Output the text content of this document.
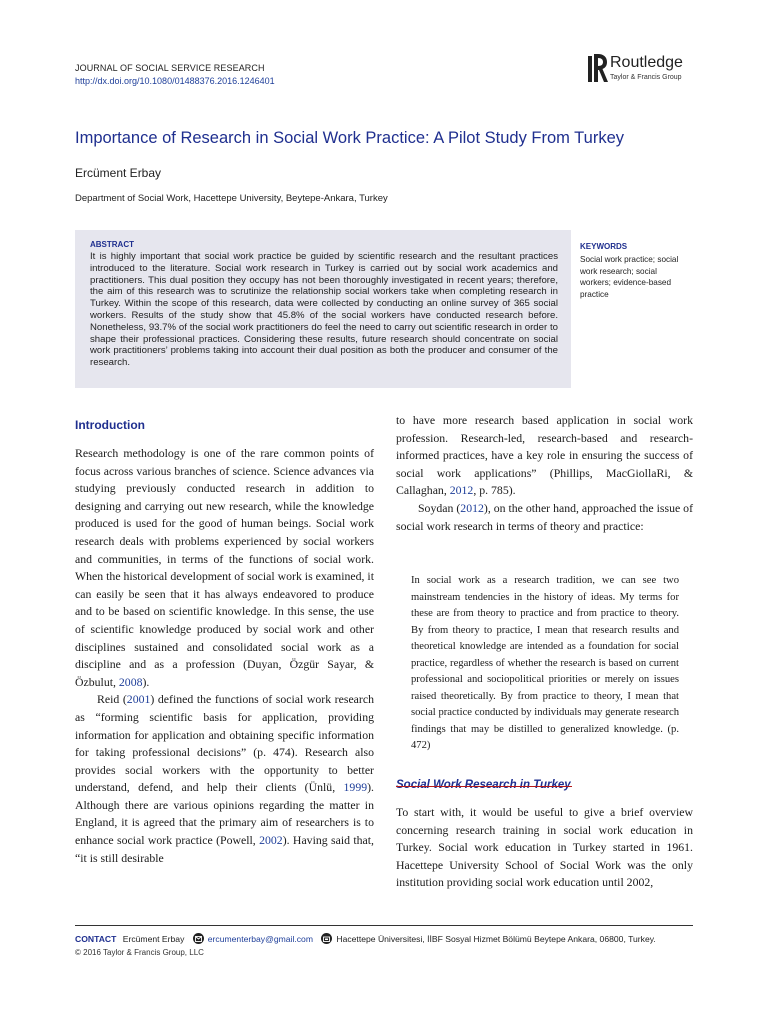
JOURNAL OF SOCIAL SERVICE RESEARCH
http://dx.doi.org/10.1080/01488376.2016.1246401
Routledge
Taylor & Francis Group
Importance of Research in Social Work Practice: A Pilot Study From Turkey
Ercüment Erbay
Department of Social Work, Hacettepe University, Beytepe-Ankara, Turkey
ABSTRACT
It is highly important that social work practice be guided by scientific research and the resultant practices introduced to the literature. Social work research in Turkey is carried out by social work academics and practitioners. This dual position they occupy has not been thoroughly investigated in recent years; therefore, the aim of this research was to scrutinize the relationship social workers take when completing research in Turkey. Within the scope of this research, data were collected by conducting an online survey of 365 social workers. Results of the study show that 45.8% of the social workers have conducted research before. Nonetheless, 93.7% of the social work practitioners do feel the need to carry out scientific research in order to shape their professional practices. Considering these results, future research should concentrate on social work practitioners’ problems taking into account their dual position as both the producer and consumer of the research.
KEYWORDS
Social work practice; social work research; social workers; evidence-based practice
Introduction

Research methodology is one of the rare common points of focus across various branches of science. Science advances via studying previously conducted research in addition to designing and carrying out new research, while the knowledge produced is used for the good of human beings. Social work research deals with problems experienced by social workers and communities, in terms of the functions of social work. When the historical development of social work is examined, it can easily be seen that it has always endeavored to produce and to be based on scientific knowledge. In this sense, the use of scientific knowledge produced by social work and other disciplines sustained and consolidated social work as a discipline and as a profession (Duyan, Özgür Sayar, & Özbulut, 2008).

Reid (2001) defined the functions of social work research as “forming scientific basis for application, providing information for application and obtaining specific information for taking professional decisions” (p. 474). Research also provides social workers with the opportunity to better understand, defend, and help their clients (Ünlü, 1999). Although there are various opinions regarding the matter in England, it is agreed that the primary aim of researchers is to enhance social work practice (Powell, 2002). Having said that, “it is still desirable

to have more research based application in social work profession. Research-led, research-based and research-informed practices, have a key role in ensuring the success of social work applications” (Phillips, MacGiollaRi, & Callaghan, 2012, p. 785).

Soydan (2012), on the other hand, approached the issue of social work research in terms of theory and practice:

In social work as a research tradition, we can see two mainstream tendencies in the history of ideas. My terms for these are from theory to practice and from practice to theory. By from theory to practice, I mean that research results and theoretical knowledge are intended as a foundation for social practice, regardless of whether the research is based on current professional and sociopolitical priorities or merely on issues raised theoretically. By from practice to theory, I mean that social practice conducted by individuals may generate research findings that may be distilled to generalized knowledge. (p. 472)
Social Work Research in Turkey

To start with, it would be useful to give a brief overview concerning research training in social work education in Turkey. Social work education in Turkey started in 1961. Hacettepe University School of Social Work was the only institution providing social work education until 2002,

CONTACT Ercüment Erbay	ercumenterbay@gmail.com	Hacettepe Üniversitesi, İİBF Sosyal Hizmet Bölümü Beytepe Ankara, 06800, Turkey.
© 2016 Taylor & Francis Group, LLC
